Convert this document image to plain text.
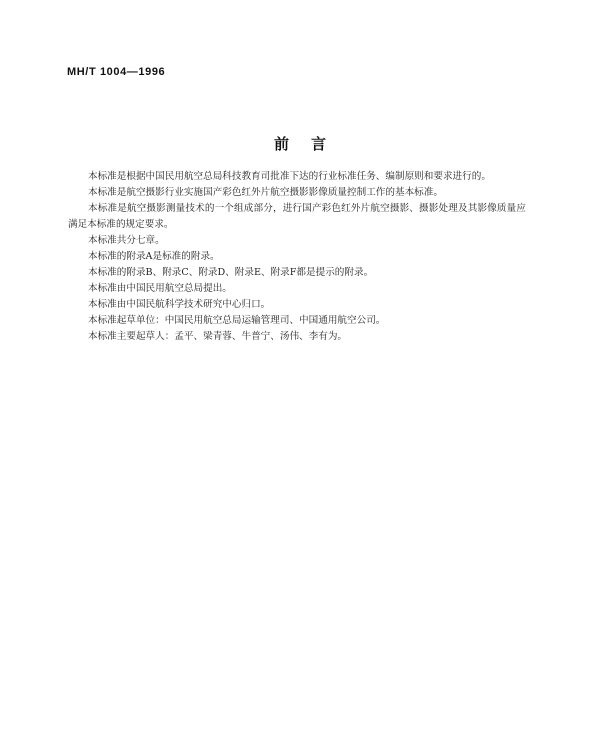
MH/T 1004—1996
前言

本标准是根据中国民用航空总局科技教育司批准下达的行业标准任务、编制原则和要求进行的。

本标准是航空摄影行业实施国产彩色红外片航空摄影影像质量控制工作的基本标准。

本标准是航空摄影测量技术的一个组成部分，进行国产彩色红外片航空摄影、摄影处理及其影像质量应满足本标准的规定要求。

本标准共分七章。

本标准的附录A是标准的附录。

本标准的附录B、附录C、附录D、附录E、附录F都是提示的附录。

本标准由中国民用航空总局提出。

本标准由中国民航科学技术研究中心归口。

本标准起草单位：中国民用航空总局运输管理司、中国通用航空公司。

本标准主要起草人：孟平、梁青蓉、牛普宁、汤伟、李有为。
